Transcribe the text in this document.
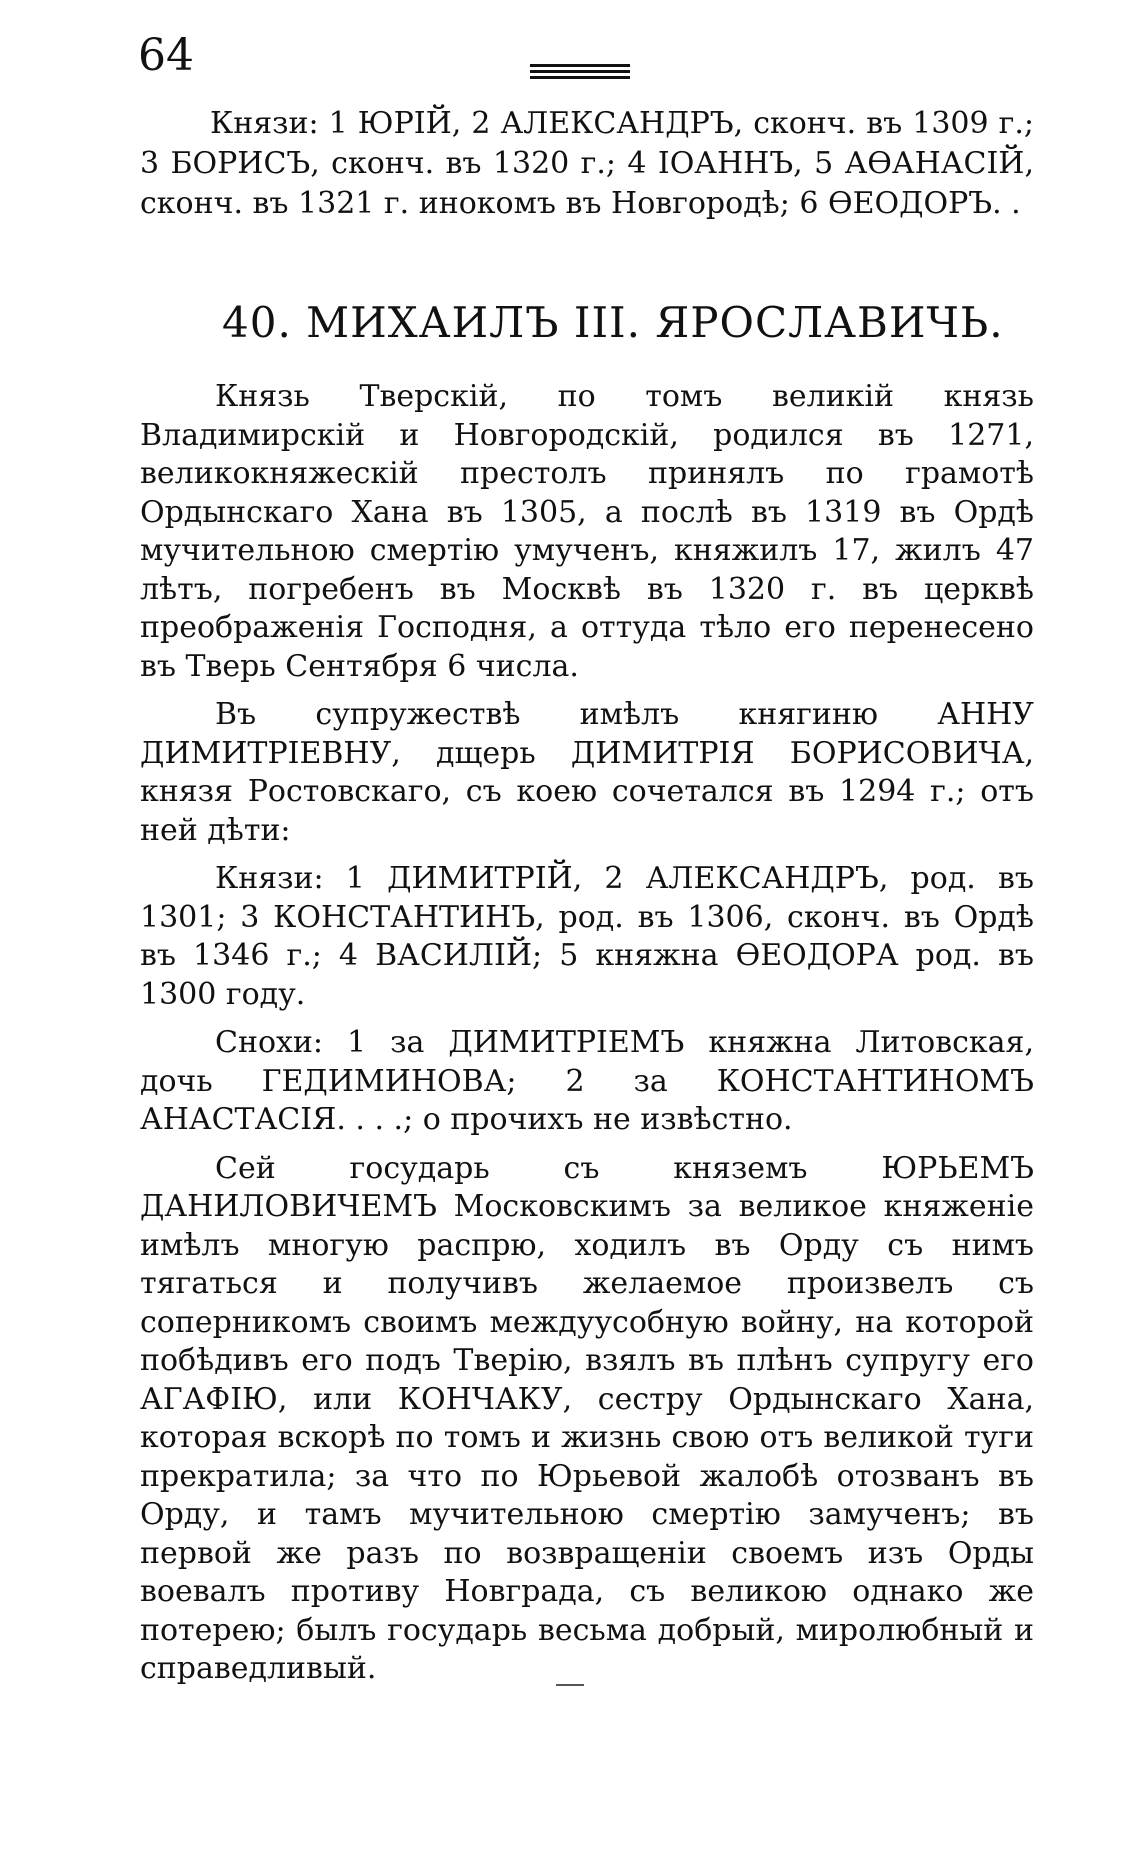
64

Князи: 1 ЮРІЙ, 2 АЛЕКСАНДРЪ, сконч. въ 1309 г.; 3 БОРИСЪ, сконч. въ 1320 г.; 4 ІОАННЪ, 5 АѲАНАСІЙ, сконч. въ 1321 г. инокомъ въ Новгородѣ; 6 ѲЕОДОРЪ. .

40. МИХАИЛЪ III. ЯРОСЛАВИЧЬ.

Князь Тверскій, по томъ великій князь Владимирскій и Новгородскій, родился въ 1271, великокняжескій престолъ принялъ по грамотѣ Ордынскаго Хана въ 1305, а послѣ въ 1319 въ Ордѣ мучительною смертію умученъ, княжилъ 17, жилъ 47 лѣтъ, погребенъ въ Москвѣ въ 1320 г. въ церквѣ преображенія Господня, а оттуда тѣло его перенесено въ Тверь Сентября 6 числа.

Въ супружествѣ имѣлъ княгиню АННУ ДИМИТРІЕВНУ, дщерь ДИМИТРІЯ БОРИСОВИЧА, князя Ростовскаго, съ коею сочетался въ 1294 г.; отъ ней дѣти:

Князи: 1 ДИМИТРІЙ, 2 АЛЕКСАНДРЪ, род. въ 1301; 3 КОНСТАНТИНЪ, род. въ 1306, сконч. въ Ордѣ въ 1346 г.; 4 ВАСИЛІЙ; 5 княжна ѲЕОДОРА род. въ 1300 году.

Снохи: 1 за ДИМИТРІЕМЪ княжна Литовская, дочь ГЕДИМИНОВА; 2 за КОНСТАНТИНОМЪ АНАСТАСІЯ. . . .; о прочихъ не извѣстно.

Сей государь съ княземъ ЮРЬЕМЪ ДАНИЛОВИЧЕМЪ Московскимъ за великое княженіе имѣлъ многую распрю, ходилъ въ Орду съ нимъ тягаться и получивъ желаемое произвелъ съ соперникомъ своимъ междуусобную войну, на которой побѣдивъ его подъ Тверію, взялъ въ плѣнъ супругу его АГАФІЮ, или КОНЧАКУ, сестру Ордынскаго Хана, которая вскорѣ по томъ и жизнь свою отъ великой туги прекратила; за что по Юрьевой жалобѣ отозванъ въ Орду, и тамъ мучительною смертію замученъ; въ первой же разъ по возвращеніи своемъ изъ Орды воевалъ противу Новграда, съ великою однако же потерею; былъ государь весьма добрый, миролюбный и справедливый.
